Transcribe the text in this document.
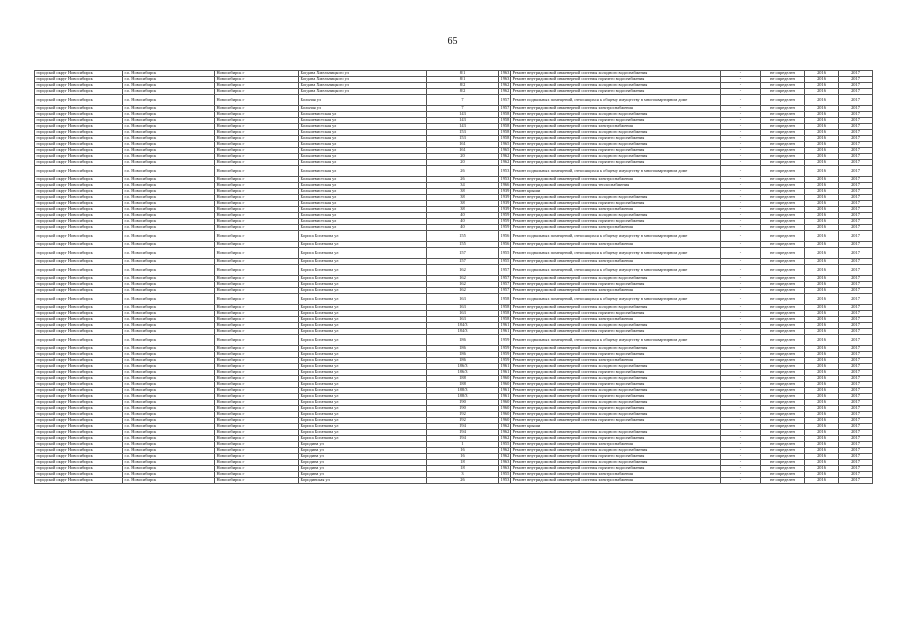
65
городской округ Новосибирск	г.о. Новосибирск	Новосибирск г	Богдана Хмельницкого ул	8/1	1963	Ремонт внутридомовой инженерной системы холодного водоснабжения	-	не определен	2016	2017
городской округ Новосибирск	г.о. Новосибирск	Новосибирск г	Богдана Хмельницкого ул	8/1	1963	Ремонт внутридомовой инженерной системы горячего водоснабжения	-	не определен	2016	2017
городской округ Новосибирск	г.о. Новосибирск	Новосибирск г	Богдана Хмельницкого ул	8/2	1962	Ремонт внутридомовой инженерной системы холодного водоснабжения	-	не определен	2016	2017
городской округ Новосибирск	г.о. Новосибирск	Новосибирск г	Богдана Хмельницкого ул	8/2	1962	Ремонт внутридомовой инженерной системы горячего водоснабжения	-	не определен	2016	2017
городской округ Новосибирск	г.о. Новосибирск	Новосибирск г	Больная ул	7	1957	Ремонт подвальных помещений, относящихся к общему имуществу в многоквартирном доме	-	не определен	2016	2017
городской округ Новосибирск	г.о. Новосибирск	Новосибирск г	Больная ул	7	1957	Ремонт внутридомовой инженерной системы электроснабжения	-	не определен	2016	2017
городской округ Новосибирск	г.о. Новосибирск	Новосибирск г	Большевистская ул	143	1958	Ремонт внутридомовой инженерной системы холодного водоснабжения	-	не определен	2016	2017
городской округ Новосибирск	г.о. Новосибирск	Новосибирск г	Большевистская ул	143	1958	Ремонт внутридомовой инженерной системы горячего водоснабжения	-	не определен	2016	2017
городской округ Новосибирск	г.о. Новосибирск	Новосибирск г	Большевистская ул	143	1958	Ремонт внутридомовой инженерной системы электроснабжения	-	не определен	2016	2017
городской округ Новосибирск	г.о. Новосибирск	Новосибирск г	Большевистская ул	153	1958	Ремонт внутридомовой инженерной системы холодного водоснабжения	-	не определен	2016	2017
городской округ Новосибирск	г.о. Новосибирск	Новосибирск г	Большевистская ул	153	1958	Ремонт внутридомовой инженерной системы горячего водоснабжения	-	не определен	2016	2017
городской округ Новосибирск	г.о. Новосибирск	Новосибирск г	Большевистская ул	161	1965	Ремонт внутридомовой инженерной системы холодного водоснабжения	-	не определен	2016	2017
городской округ Новосибирск	г.о. Новосибирск	Новосибирск г	Большевистская ул	161	1965	Ремонт внутридомовой инженерной системы горячего водоснабжения	-	не определен	2016	2017
городской округ Новосибирск	г.о. Новосибирск	Новосибирск г	Большевистская ул	20	1962	Ремонт внутридомовой инженерной системы холодного водоснабжения	-	не определен	2016	2017
городской округ Новосибирск	г.о. Новосибирск	Новосибирск г	Большевистская ул	20	1962	Ремонт внутридомовой инженерной системы горячего водоснабжения	-	не определен	2016	2017
городской округ Новосибирск	г.о. Новосибирск	Новосибирск г	Большевистская ул	26	1953	Ремонт подвальных помещений, относящихся к общему имуществу в многоквартирном доме	-	не определен	2016	2017
городской округ Новосибирск	г.о. Новосибирск	Новосибирск г	Большевистская ул	26	1953	Ремонт внутридомовой инженерной системы электроснабжения	-	не определен	2016	2017
городской округ Новосибирск	г.о. Новосибирск	Новосибирск г	Большевистская ул	34	1966	Ремонт внутридомовой инженерной системы теплоснабжения	-	не определен	2016	2017
городской округ Новосибирск	г.о. Новосибирск	Новосибирск г	Большевистская ул	38	1939	Ремонт крыши	-	не определен	2016	2017
городской округ Новосибирск	г.о. Новосибирск	Новосибирск г	Большевистская ул	38	1939	Ремонт внутридомовой инженерной системы холодного водоснабжения	-	не определен	2016	2017
городской округ Новосибирск	г.о. Новосибирск	Новосибирск г	Большевистская ул	38	1939	Ремонт внутридомовой инженерной системы горячего водоснабжения	-	не определен	2016	2017
городской округ Новосибирск	г.о. Новосибирск	Новосибирск г	Большевистская ул	38	1939	Ремонт внутридомовой инженерной системы электроснабжения	-	не определен	2016	2017
городской округ Новосибирск	г.о. Новосибирск	Новосибирск г	Большевистская ул	40	1959	Ремонт внутридомовой инженерной системы холодного водоснабжения	-	не определен	2016	2017
городской округ Новосибирск	г.о. Новосибирск	Новосибирск г	Большевистская ул	40	1959	Ремонт внутридомовой инженерной системы горячего водоснабжения	-	не определен	2016	2017
городской округ Новосибирск	г.о. Новосибирск	Новосибирск г	Большевистская ул	40	1959	Ремонт внутридомовой инженерной системы электроснабжения	-	не определен	2016	2017
городской округ Новосибирск	г.о. Новосибирск	Новосибирск г	Бориса Богаткова ул	155	1956	Ремонт подвальных помещений, относящихся к общему имуществу в многоквартирном доме	-	не определен	2016	2017
городской округ Новосибирск	г.о. Новосибирск	Новосибирск г	Бориса Богаткова ул	155	1956	Ремонт внутридомовой инженерной системы электроснабжения	-	не определен	2016	2017
городской округ Новосибирск	г.о. Новосибирск	Новосибирск г	Бориса Богаткова ул	157	1955	Ремонт подвальных помещений, относящихся к общему имуществу в многоквартирном доме	-	не определен	2016	2017
городской округ Новосибирск	г.о. Новосибирск	Новосибирск г	Бориса Богаткова ул	157	1955	Ремонт внутридомовой инженерной системы электроснабжения	-	не определен	2016	2017
городской округ Новосибирск	г.о. Новосибирск	Новосибирск г	Бориса Богаткова ул	162	1957	Ремонт подвальных помещений, относящихся к общему имуществу в многоквартирном доме	-	не определен	2016	2017
городской округ Новосибирск	г.о. Новосибирск	Новосибирск г	Бориса Богаткова ул	162	1957	Ремонт внутридомовой инженерной системы холодного водоснабжения	-	не определен	2016	2017
городской округ Новосибирск	г.о. Новосибирск	Новосибирск г	Бориса Богаткова ул	162	1957	Ремонт внутридомовой инженерной системы горячего водоснабжения	-	не определен	2016	2017
городской округ Новосибирск	г.о. Новосибирск	Новосибирск г	Бориса Богаткова ул	162	1957	Ремонт внутридомовой инженерной системы электроснабжения	-	не определен	2016	2017
городской округ Новосибирск	г.о. Новосибирск	Новосибирск г	Бориса Богаткова ул	163	1958	Ремонт подвальных помещений, относящихся к общему имуществу в многоквартирном доме	-	не определен	2016	2017
городской округ Новосибирск	г.о. Новосибирск	Новосибирск г	Бориса Богаткова ул	163	1958	Ремонт внутридомовой инженерной системы холодного водоснабжения	-	не определен	2016	2017
городской округ Новосибирск	г.о. Новосибирск	Новосибирск г	Бориса Богаткова ул	163	1958	Ремонт внутридомовой инженерной системы горячего водоснабжения	-	не определен	2016	2017
городской округ Новосибирск	г.о. Новосибирск	Новосибирск г	Бориса Богаткова ул	163	1958	Ремонт внутридомовой инженерной системы электроснабжения	-	не определен	2016	2017
городской округ Новосибирск	г.о. Новосибирск	Новосибирск г	Бориса Богаткова ул	184/3	1961	Ремонт внутридомовой инженерной системы холодного водоснабжения	-	не определен	2016	2017
городской округ Новосибирск	г.о. Новосибирск	Новосибирск г	Бориса Богаткова ул	184/3	1961	Ремонт внутридомовой инженерной системы горячего водоснабжения	-	не определен	2016	2017
городской округ Новосибирск	г.о. Новосибирск	Новосибирск г	Бориса Богаткова ул	186	1959	Ремонт подвальных помещений, относящихся к общему имуществу в многоквартирном доме	-	не определен	2016	2017
городской округ Новосибирск	г.о. Новосибирск	Новосибирск г	Бориса Богаткова ул	186	1959	Ремонт внутридомовой инженерной системы холодного водоснабжения	-	не определен	2016	2017
городской округ Новосибирск	г.о. Новосибирск	Новосибирск г	Бориса Богаткова ул	186	1959	Ремонт внутридомовой инженерной системы горячего водоснабжения	-	не определен	2016	2017
городской округ Новосибирск	г.о. Новосибирск	Новосибирск г	Бориса Богаткова ул	186	1959	Ремонт внутридомовой инженерной системы электроснабжения	-	не определен	2016	2017
городской округ Новосибирск	г.о. Новосибирск	Новосибирск г	Бориса Богаткова ул	186/3	1961	Ремонт внутридомовой инженерной системы холодного водоснабжения	-	не определен	2016	2017
городской округ Новосибирск	г.о. Новосибирск	Новосибирск г	Бориса Богаткова ул	186/3	1961	Ремонт внутридомовой инженерной системы горячего водоснабжения	-	не определен	2016	2017
городской округ Новосибирск	г.о. Новосибирск	Новосибирск г	Бориса Богаткова ул	188	1960	Ремонт внутридомовой инженерной системы холодного водоснабжения	-	не определен	2016	2017
городской округ Новосибирск	г.о. Новосибирск	Новосибирск г	Бориса Богаткова ул	188	1960	Ремонт внутридомовой инженерной системы горячего водоснабжения	-	не определен	2016	2017
городской округ Новосибирск	г.о. Новосибирск	Новосибирск г	Бориса Богаткова ул	188/3	1961	Ремонт внутридомовой инженерной системы холодного водоснабжения	-	не определен	2016	2017
городской округ Новосибирск	г.о. Новосибирск	Новосибирск г	Бориса Богаткова ул	188/3	1961	Ремонт внутридомовой инженерной системы горячего водоснабжения	-	не определен	2016	2017
городской округ Новосибирск	г.о. Новосибирск	Новосибирск г	Бориса Богаткова ул	190	1960	Ремонт внутридомовой инженерной системы холодного водоснабжения	-	не определен	2016	2017
городской округ Новосибирск	г.о. Новосибирск	Новосибирск г	Бориса Богаткова ул	190	1960	Ремонт внутридомовой инженерной системы горячего водоснабжения	-	не определен	2016	2017
городской округ Новосибирск	г.о. Новосибирск	Новосибирск г	Бориса Богаткова ул	192	1960	Ремонт внутридомовой инженерной системы холодного водоснабжения	-	не определен	2016	2017
городской округ Новосибирск	г.о. Новосибирск	Новосибирск г	Бориса Богаткова ул	192	1960	Ремонт внутридомовой инженерной системы горячего водоснабжения	-	не определен	2016	2017
городской округ Новосибирск	г.о. Новосибирск	Новосибирск г	Бориса Богаткова ул	194	1962	Ремонт крыши	-	не определен	2016	2017
городской округ Новосибирск	г.о. Новосибирск	Новосибирск г	Бориса Богаткова ул	194	1962	Ремонт внутридомовой инженерной системы холодного водоснабжения	-	не определен	2016	2017
городской округ Новосибирск	г.о. Новосибирск	Новосибирск г	Бориса Богаткова ул	194	1962	Ремонт внутридомовой инженерной системы горячего водоснабжения	-	не определен	2016	2017
городской округ Новосибирск	г.о. Новосибирск	Новосибирск г	Бородина ул	1	1955	Ремонт внутридомовой инженерной системы электроснабжения	-	не определен	2016	2017
городской округ Новосибирск	г.о. Новосибирск	Новосибирск г	Бородина ул	16	1962	Ремонт внутридомовой инженерной системы холодного водоснабжения	-	не определен	2016	2017
городской округ Новосибирск	г.о. Новосибирск	Новосибирск г	Бородина ул	16	1962	Ремонт внутридомовой инженерной системы горячего водоснабжения	-	не определен	2016	2017
городской округ Новосибирск	г.о. Новосибирск	Новосибирск г	Бородина ул	18	1963	Ремонт внутридомовой инженерной системы холодного водоснабжения	-	не определен	2016	2017
городской округ Новосибирск	г.о. Новосибирск	Новосибирск г	Бородина ул	18	1963	Ремонт внутридомовой инженерной системы горячего водоснабжения	-	не определен	2016	2017
городской округ Новосибирск	г.о. Новосибирск	Новосибирск г	Бородина ул	3	1955	Ремонт внутридомовой инженерной системы электроснабжения	-	не определен	2016	2017
городской округ Новосибирск	г.о. Новосибирск	Новосибирск г	Бородинская ул	26	1953	Ремонт внутридомовой инженерной системы электроснабжения	-	не определен	2016	2017
